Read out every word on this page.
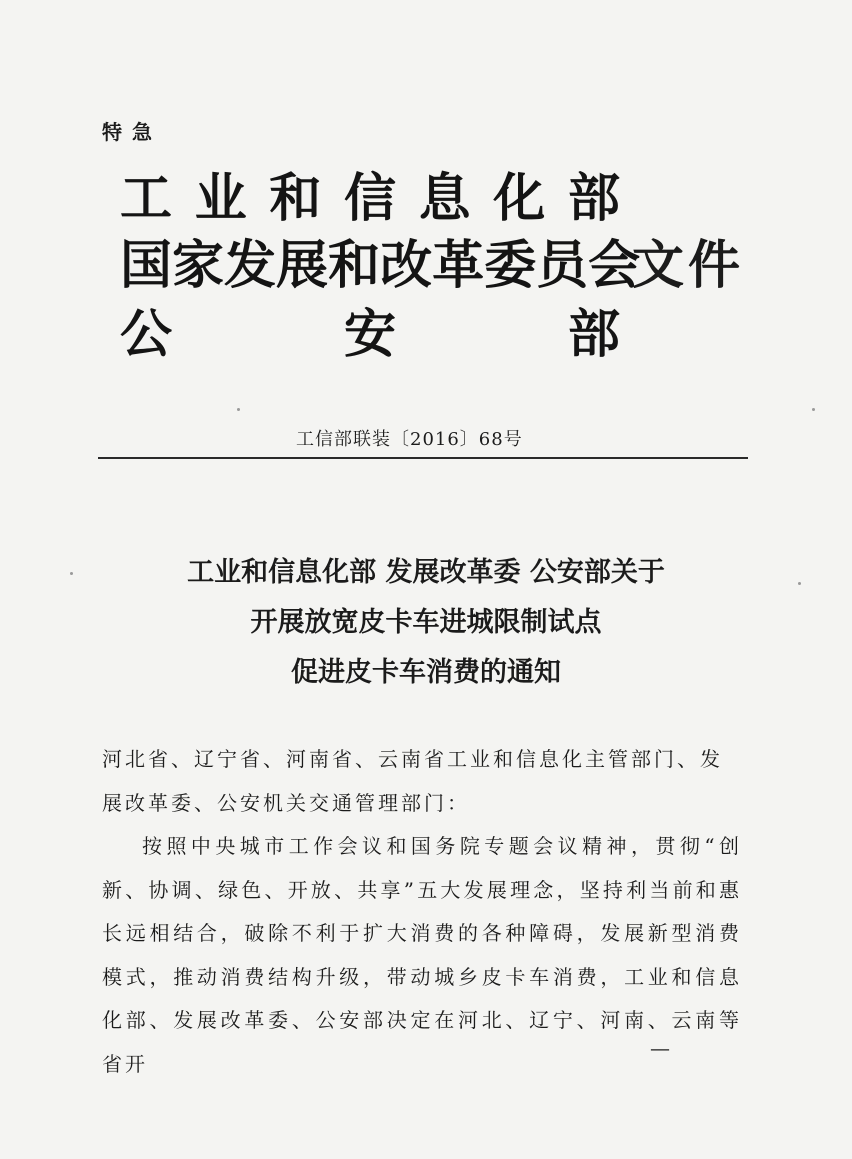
特急
工 业 和 信 息 化 部
国 家 发 展 和 改 革 委 员 会
公	安	部
文件
工信部联装〔2016〕68号
工业和信息化部 发展改革委 公安部关于
开展放宽皮卡车进城限制试点
促进皮卡车消费的通知

河北省、辽宁省、河南省、云南省工业和信息化主管部门、发展改革委、公安机关交通管理部门：

按照中央城市工作会议和国务院专题会议精神，贯彻“创新、协调、绿色、开放、共享”五大发展理念，坚持利当前和惠长远相结合，破除不利于扩大消费的各种障碍，发展新型消费模式，推动消费结构升级，带动城乡皮卡车消费，工业和信息化部、发展改革委、公安部决定在河北、辽宁、河南、云南等省开

—
